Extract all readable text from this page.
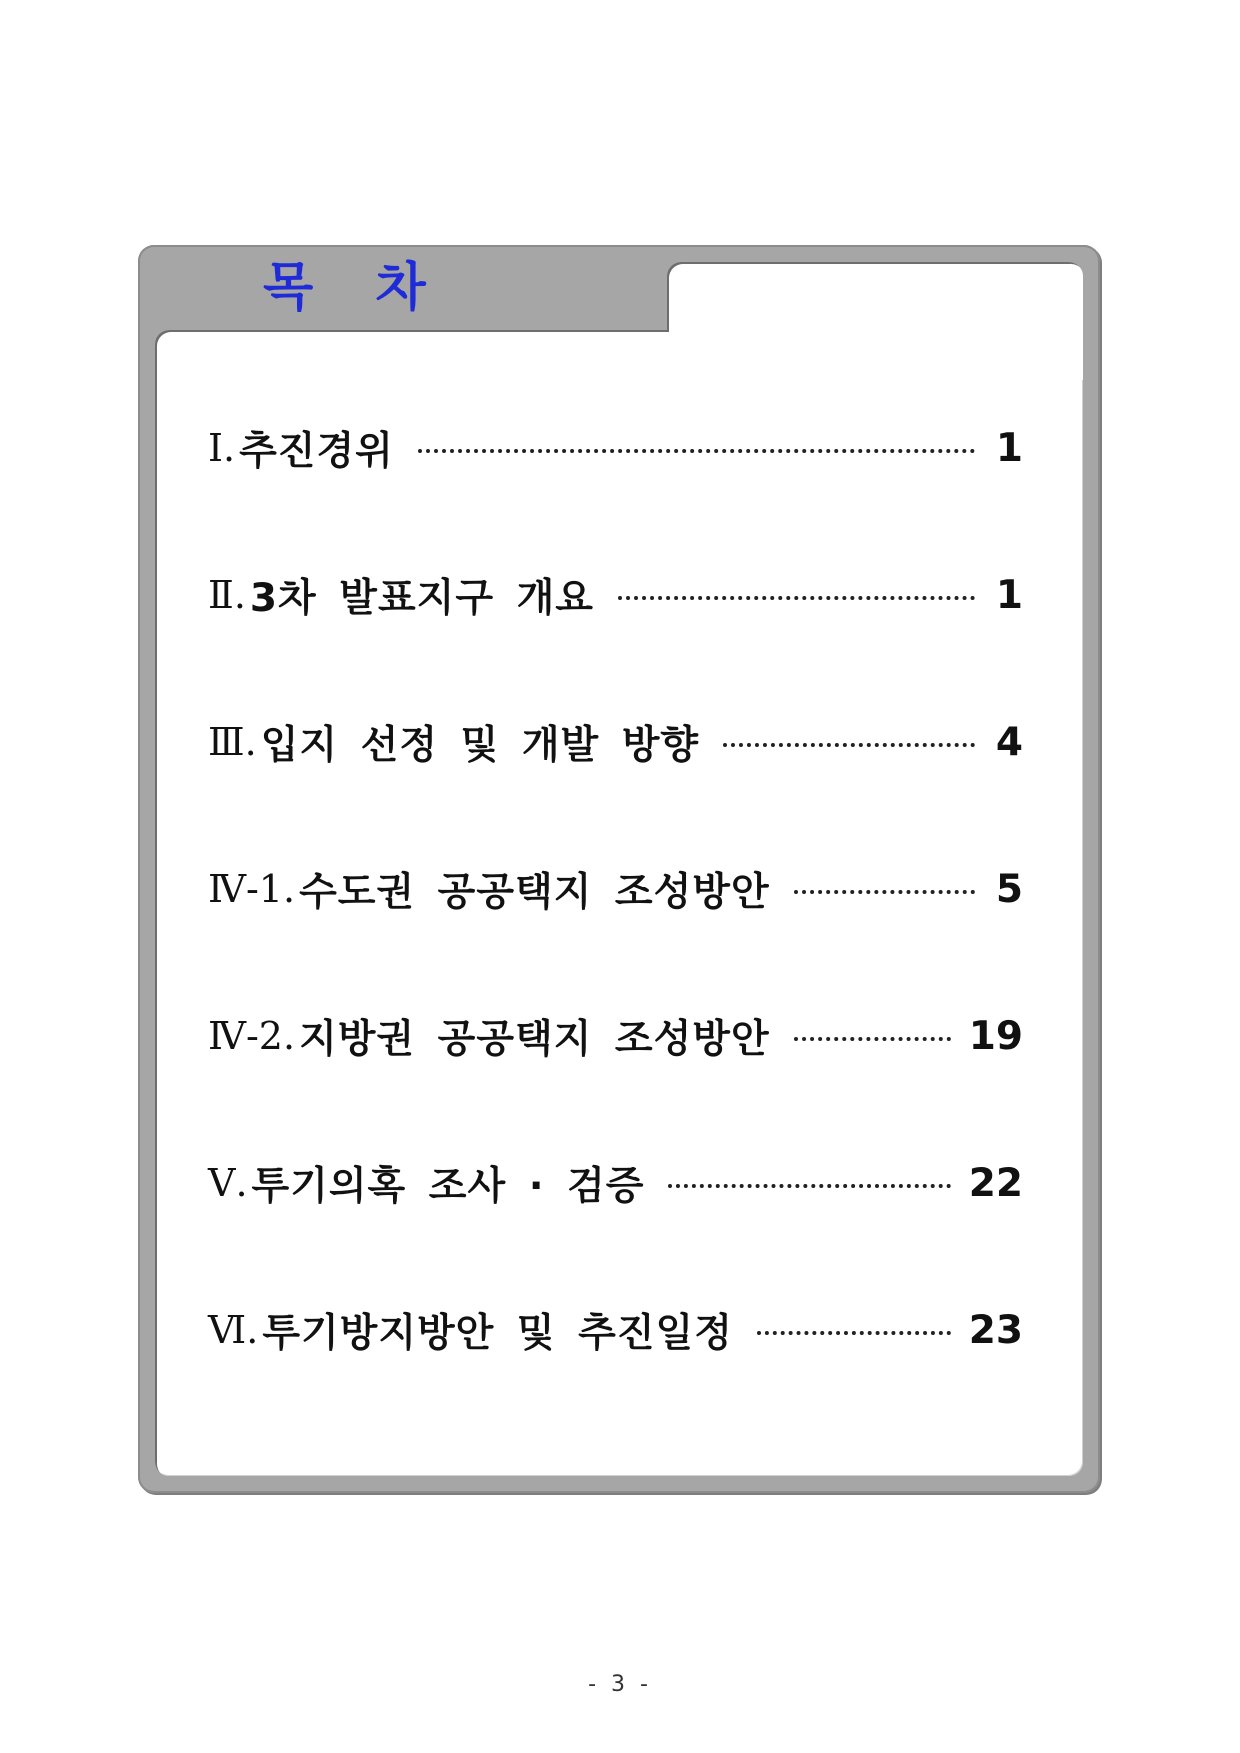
목   차
Ⅰ. 추진경위	1
Ⅱ. 3차 발표지구 개요	1
Ⅲ. 입지 선정 및 개발 방향	4
Ⅳ-1. 수도권 공공택지 조성방안	5
Ⅳ-2. 지방권 공공택지 조성방안	19
Ⅴ. 투기의혹 조사 · 검증	22
Ⅵ. 투기방지방안 및 추진일정	23
- 3 -
